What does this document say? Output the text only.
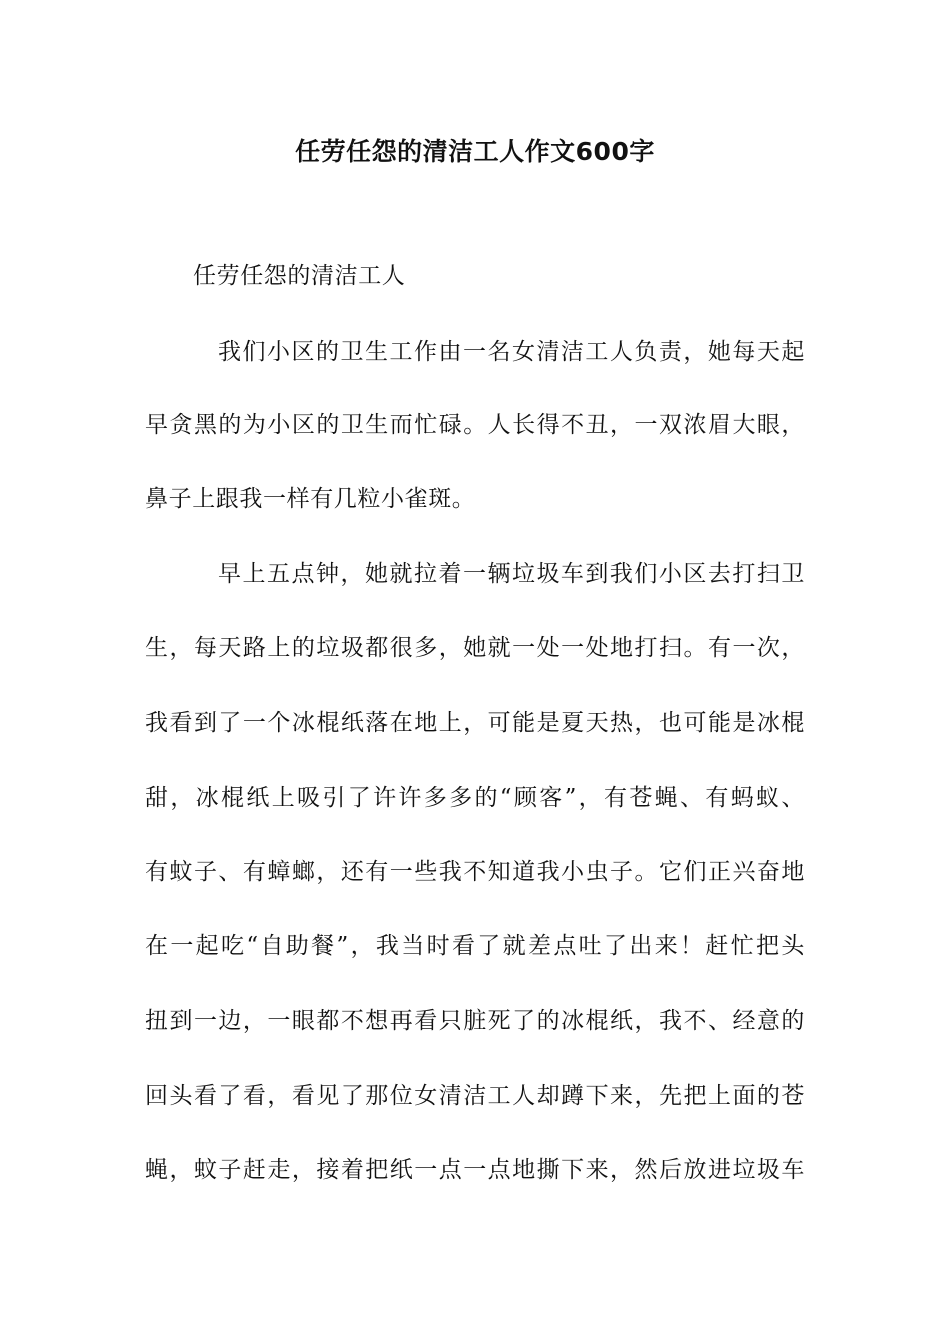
任劳任怨的清洁工人作文600字
任劳任怨的清洁工人
我们小区的卫生工作由一名女清洁工人负责，她每天起
早贪黑的为小区的卫生而忙碌。人长得不丑，一双浓眉大眼，
鼻子上跟我一样有几粒小雀斑。
早上五点钟，她就拉着一辆垃圾车到我们小区去打扫卫
生，每天路上的垃圾都很多，她就一处一处地打扫。有一次，
我看到了一个冰棍纸落在地上，可能是夏天热，也可能是冰棍
甜，冰棍纸上吸引了许许多多的“顾客”，有苍蝇、有蚂蚁、
有蚊子、有蟑螂，还有一些我不知道我小虫子。它们正兴奋地
在一起吃“自助餐”，我当时看了就差点吐了出来！赶忙把头
扭到一边，一眼都不想再看只脏死了的冰棍纸，我不、经意的
回头看了看，看见了那位女清洁工人却蹲下来，先把上面的苍
蝇，蚊子赶走，接着把纸一点一点地撕下来，然后放进垃圾车
